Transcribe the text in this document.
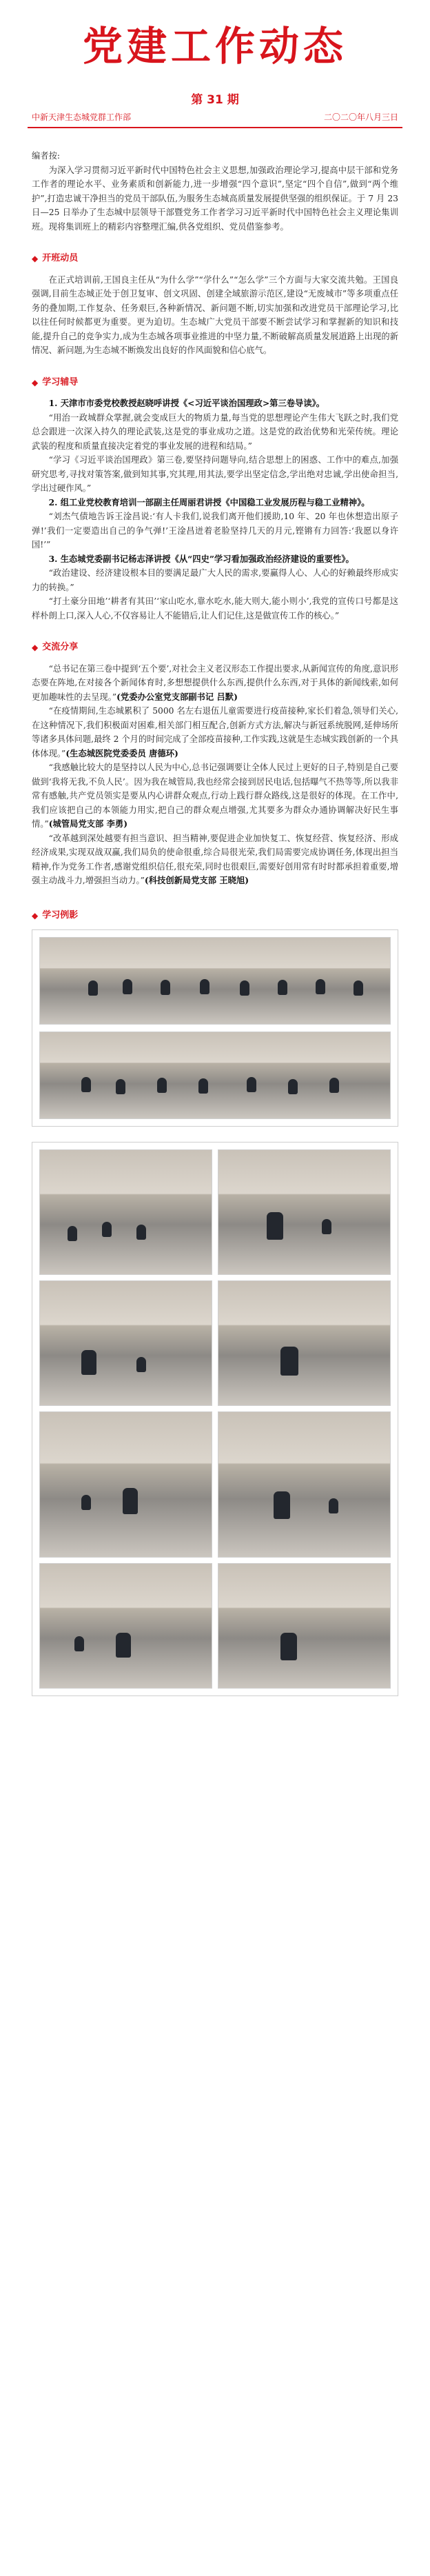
党建工作动态
第 31 期
中新天津生态城党群工作部	二〇二〇年八月三日

编者按:

为深入学习贯彻习近平新时代中国特色社会主义思想,加强政治理论学习,提高中层干部和党务工作者的理论水平、业务素质和创新能力,进一步增强“四个意识”,坚定“四个自信”,做到“两个维护”,打造忠诚干净担当的党员干部队伍,为服务生态城高质量发展提供坚强的组织保证。于 7 月 23 日—25 日举办了生态城中层领导干部暨党务工作者学习习近平新时代中国特色社会主义理论集训班。现将集训班上的精彩内容整理汇编,供各党组织、党员借鉴参考。

◆ 开班动员

在正式培训前,王国良主任从“为什么学”“学什么”“怎么学”三个方面与大家交流共勉。王国良强调,目前生态城正处于创卫复审、创文巩固、创建全域旅游示范区,建设“无废城市”等多项重点任务的叠加期,工作复杂、任务艰巨,各种新情况、新问题不断,切实加强和改进党员干部理论学习,比以往任何时候都更为重要。更为迫切。生态城广大党员干部要不断尝试学习和掌握新的知识和技能,提升自己的竞争实力,成为生态城各项事业推进的中坚力量,不断破解高质量发展道路上出现的新情况、新问题,为生态城不断焕发出良好的作风面貌和信心底气。

◆ 学习辅导

1. 天津市市委党校教授赵晓呼讲授《<习近平谈治国理政>第三卷导读》。

“用治一政城群众掌握,就会变成巨大的物质力量,每当党的思想理论产生伟大飞跃之时,我们党总会跟进一次深入持久的理论武装,这是党的事业成功之道。这是党的政治优势和光荣传统。理论武装的程度和质量直接决定着党的事业发展的进程和结局。”

“学习《习近平谈治国理政》第三卷,要坚持问题导向,结合思想上的困惑、工作中的难点,加强研究思考,寻找对策答案,做到知其事,究其理,用其法,要学出坚定信念,学出绝对忠诚,学出使命担当,学出过硬作风。”

2. 组工业党校教育培训一部副主任周丽君讲授《中国稳工业发展历程与稳工业精神》。

“刘杰气债地告诉王淦昌说:‘有人卡我们,说我们离开他们援助,10 年、20 年也休想造出原子弹!’我们一定要造出自己的争气弹!’王淦昌迸着老脸坚持几天的月元,铿锵有力回答:‘我愿以身许国!’”

3. 生态城党委副书记杨志泽讲授《从“四史”学习看加强政治经济建设的重要性》。

“政治建设、经济建设根本目的要满足最广大人民的需求,要赢得人心、人心的好赖最终形成实力的转换。”

“打土豪分田地’‘耕者有其田’‘家山吃水,靠水吃水,能大则大,能小则小’,我党的宣传口号都是这样朴朗上口,深入人心,不仅容易让人不能错后,让人们记住,这是做宣传工作的核心。”

◆ 交流分享

“总书记在第三卷中提到‘五个要’,对社会主义老汉形态工作提出要求,从新闻宣传的角度,意识形态要在阵地,在对接各个新闻体育时,多想想提供什么东西,提供什么东西,对于具体的新闻线索,如何更加趣味性的去呈现。”(党委办公室党支部副书记 吕默)

“在疫情期间,生态城累积了 5000 名左右退伍儿童需要进行疫苗接种,家长们着急,领导们关心,在这种情况下,我们积极面对困难,相关部门相互配合,创新方式方法,解决与新冠系统脱网,延伸场所等诸多具体问题,最终 2 个月的时间完成了全部疫苗接种,工作实践,这就是生态城实践创新的一个具体体现。”(生态城医院党委委员 唐德环)

“我感触比较大的是坚持以人民为中心,总书记强调要让全体人民过上更好的日子,特别是自己要做到‘我将无我,不负人民’。因为我在城管局,我也经常会接到居民电话,包括曝气不热等等,所以我非常有感触,共产党员领实是要从内心讲群众观点,行动上践行群众路线,这是很好的体现。在工作中,我们应该把自己的本领能力用实,把自己的群众观点增强,尤其要多为群众办通协调解决好民生事情。”(城管局党支部 李勇)

“改革越到深处越要有担当意识、担当精神,要促进企业加快复工、恢复经营、恢复经济、形成经济成果,实现双战双赢,我们局负的使命很重,综合局很光荣,我们局需要完成协调任务,体现出担当精神,作为党务工作者,感谢党组织信任,很充荣,同时也很艰巨,需要好创用常有时时都承担着重要,增强主动战斗力,增强担当动力。”(科技创新局党支部 王晓旭)

◆ 学习例影
